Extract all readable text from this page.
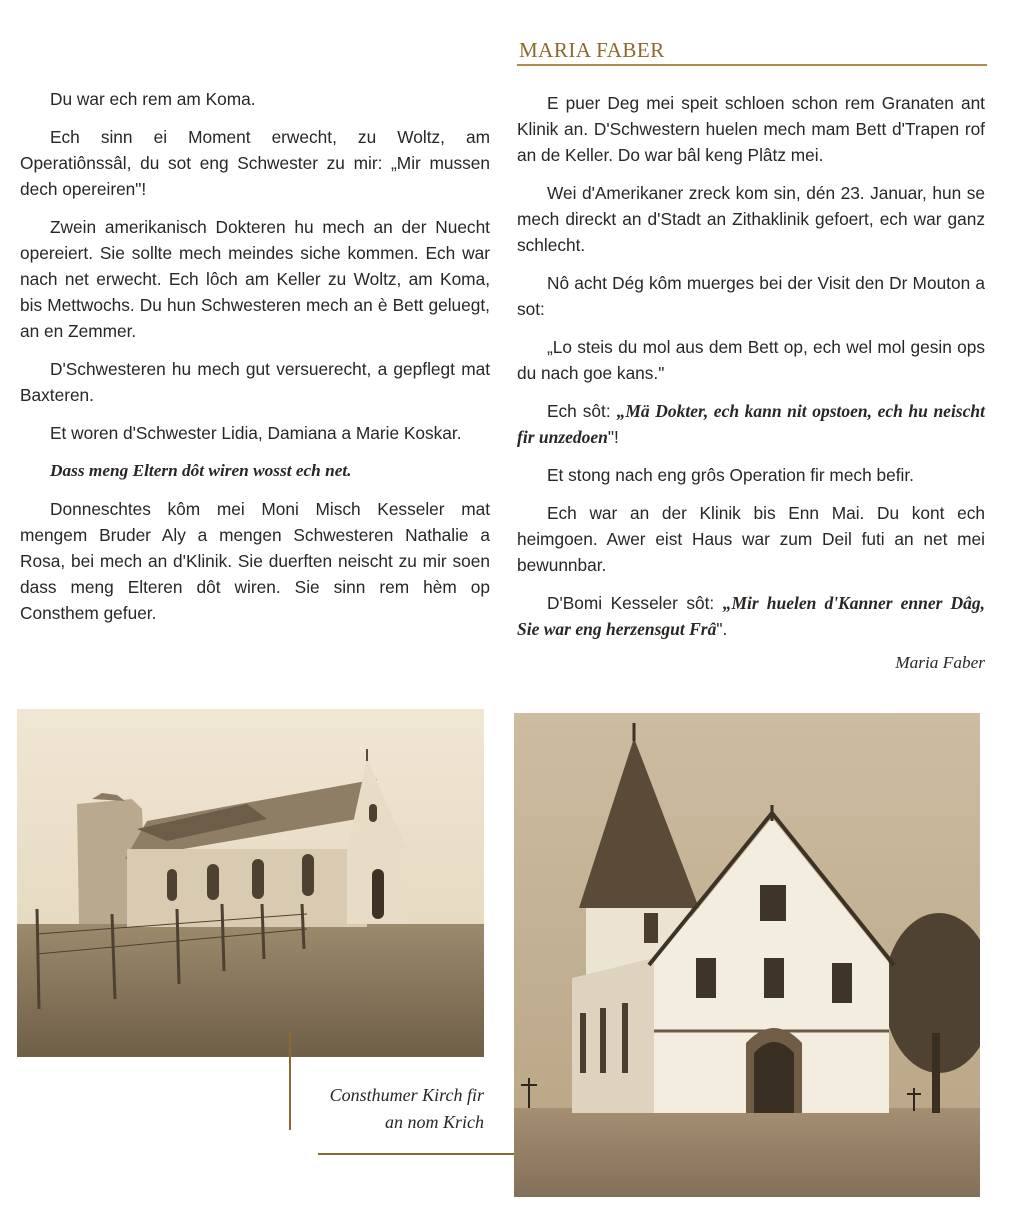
MARIA FABER

Du war ech rem am Koma.

Ech sinn ei Moment erwecht, zu Woltz, am Operatiônssâl, du sot eng Schwester zu mir: „Mir mussen dech opereiren"!

Zwein amerikanisch Dokteren hu mech an der Nuecht opereiert. Sie sollte mech meindes siche kommen. Ech war nach net erwecht. Ech lôch am Keller zu Woltz, am Koma, bis Mettwochs. Du hun Schwesteren mech an è Bett geluegt, an en Zemmer.

D'Schwesteren hu mech gut versuerecht, a gepflegt mat Baxteren.

Et woren d'Schwester Lidia, Damiana a Marie Koskar.

Dass meng Eltern dôt wiren wosst ech net.

Donneschtes kôm mei Moni Misch Kesseler mat mengem Bruder Aly a mengen Schwesteren Nathalie a Rosa, bei mech an d'Klinik. Sie duerften neischt zu mir soen dass meng Elteren dôt wiren. Sie sinn rem hèm op Consthem gefuer.

E puer Deg mei speit schloen schon rem Granaten ant Klinik an. D'Schwestern huelen mech mam Bett d'Trapen rof an de Keller. Do war bâl keng Plâtz mei.

Wei d'Amerikaner zreck kom sin, dén 23. Januar, hun se mech direckt an d'Stadt an Zithaklinik gefoert, ech war ganz schlecht.

Nô acht Dég kôm muerges bei der Visit den Dr Mouton a sot:

„Lo steis du mol aus dem Bett op, ech wel mol gesin ops du nach goe kans."

Ech sôt: „Mä Dokter, ech kann nit opstoen, ech hu neischt fir unzedoen"!

Et stong nach eng grôs Operation fir mech befir.

Ech war an der Klinik bis Enn Mai. Du kont ech heimgoen. Awer eist Haus war zum Deil futi an net mei bewunnbar.

D'Bomi Kesseler sôt: „Mir huelen d'Kanner enner Dâg, Sie war eng herzensgut Frâ".

Maria Faber

Consthumer Kirch fir
an nom Krich
